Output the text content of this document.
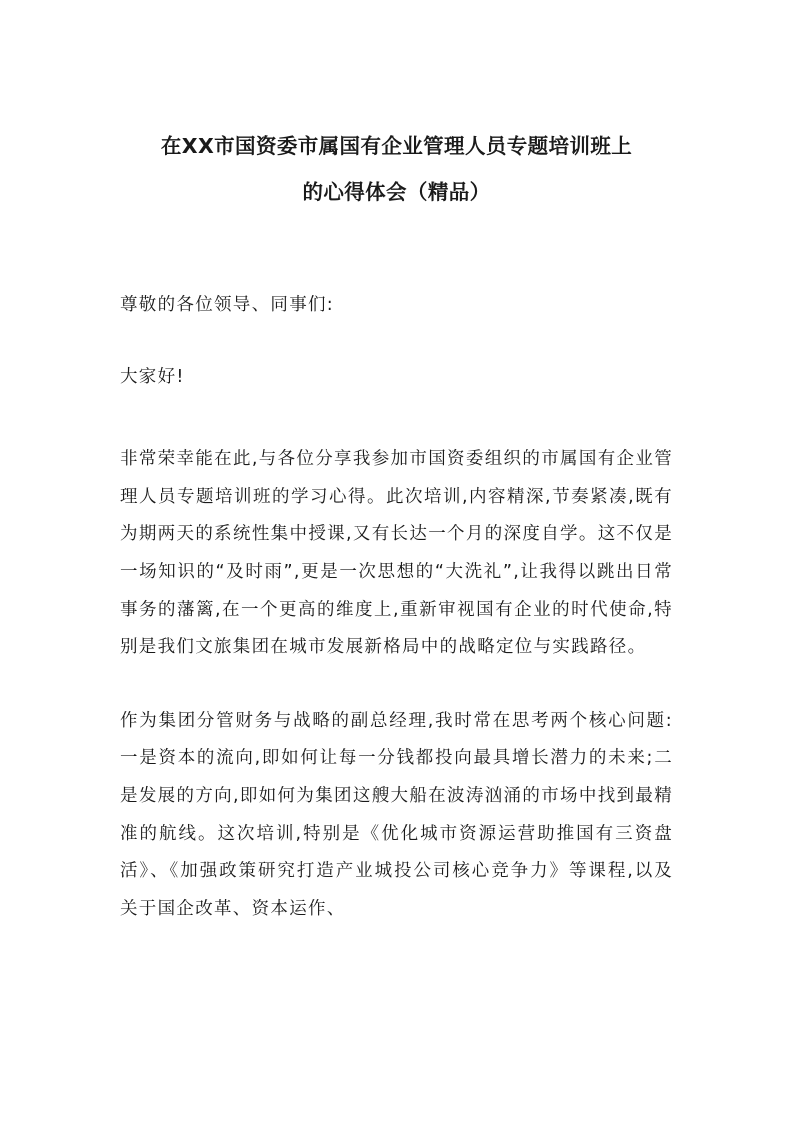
在XX市国资委市属国有企业管理人员专题培训班上
的心得体会（精品）

尊敬的各位领导、同事们:

大家好!

非常荣幸能在此,与各位分享我参加市国资委组织的市属国有企业管理人员专题培训班的学习心得。此次培训,内容精深,节奏紧凑,既有为期两天的系统性集中授课,又有长达一个月的深度自学。这不仅是一场知识的“及时雨”,更是一次思想的“大洗礼”,让我得以跳出日常事务的藩篱,在一个更高的维度上,重新审视国有企业的时代使命,特别是我们文旅集团在城市发展新格局中的战略定位与实践路径。

作为集团分管财务与战略的副总经理,我时常在思考两个核心问题:一是资本的流向,即如何让每一分钱都投向最具增长潜力的未来;二是发展的方向,即如何为集团这艘大船在波涛汹涌的市场中找到最精准的航线。这次培训,特别是《优化城市资源运营助推国有三资盘活》、《加强政策研究打造产业城投公司核心竞争力》等课程,以及关于国企改革、资本运作、
